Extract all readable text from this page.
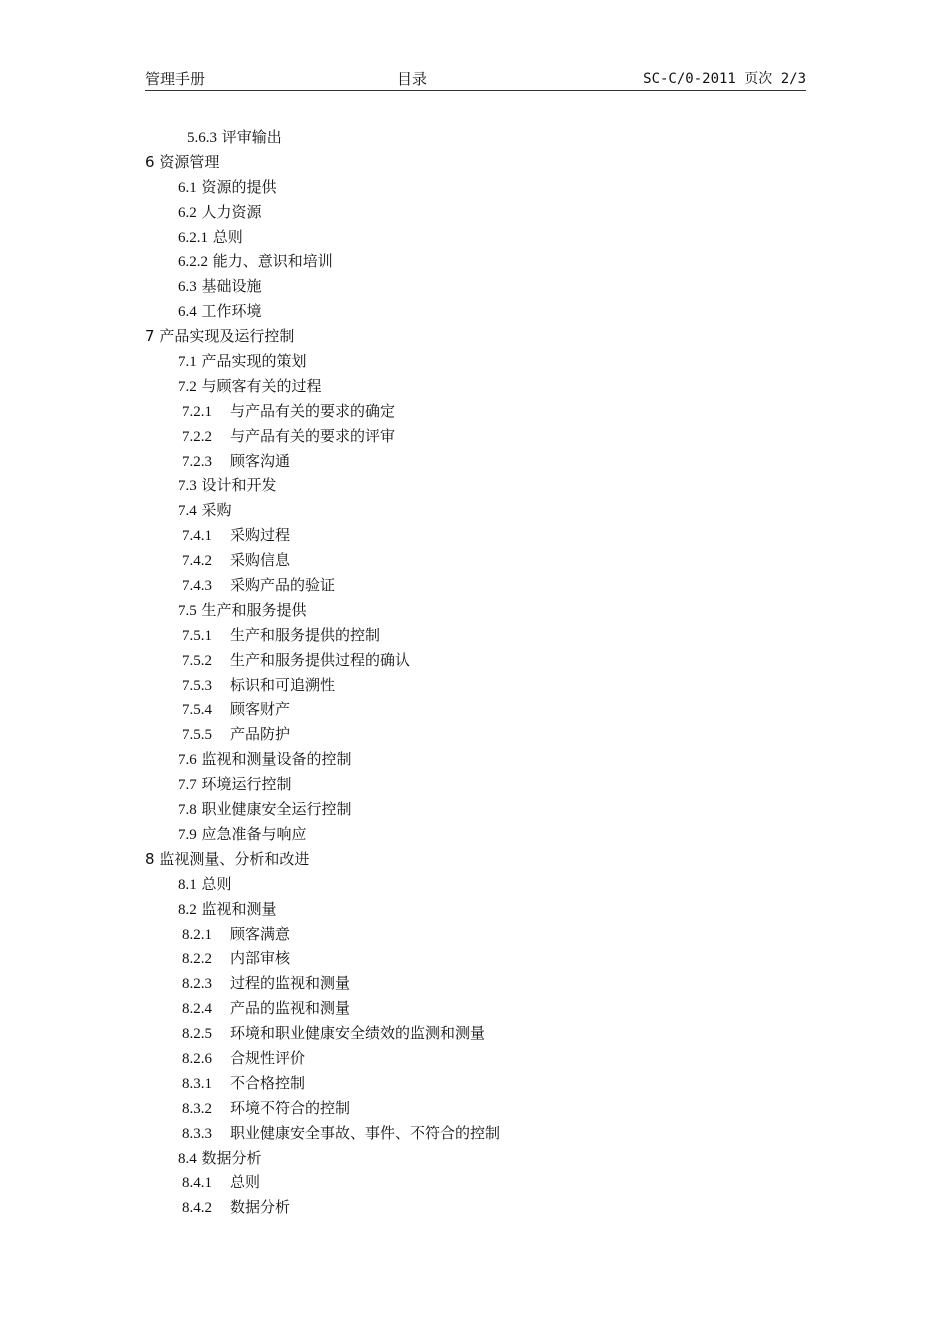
管理手册	目录	SC-C/0-2011 页次 2/3
5.6.3 评审输出
6 资源管理
6.1 资源的提供
6.2 人力资源
6.2.1 总则
6.2.2 能力、意识和培训
6.3 基础设施
6.4 工作环境
7 产品实现及运行控制
7.1 产品实现的策划
7.2 与顾客有关的过程
7.2.1 与产品有关的要求的确定
7.2.2 与产品有关的要求的评审
7.2.3 顾客沟通
7.3 设计和开发
7.4 采购
7.4.1 采购过程
7.4.2 采购信息
7.4.3 采购产品的验证
7.5 生产和服务提供
7.5.1 生产和服务提供的控制
7.5.2 生产和服务提供过程的确认
7.5.3 标识和可追溯性
7.5.4 顾客财产
7.5.5 产品防护
7.6 监视和测量设备的控制
7.7 环境运行控制
7.8 职业健康安全运行控制
7.9 应急准备与响应
8 监视测量、分析和改进
8.1 总则
8.2 监视和测量
8.2.1 顾客满意
8.2.2 内部审核
8.2.3 过程的监视和测量
8.2.4 产品的监视和测量
8.2.5 环境和职业健康安全绩效的监测和测量
8.2.6 合规性评价
8.3.1 不合格控制
8.3.2 环境不符合的控制
8.3.3 职业健康安全事故、事件、不符合的控制
8.4 数据分析
8.4.1 总则
8.4.2 数据分析
